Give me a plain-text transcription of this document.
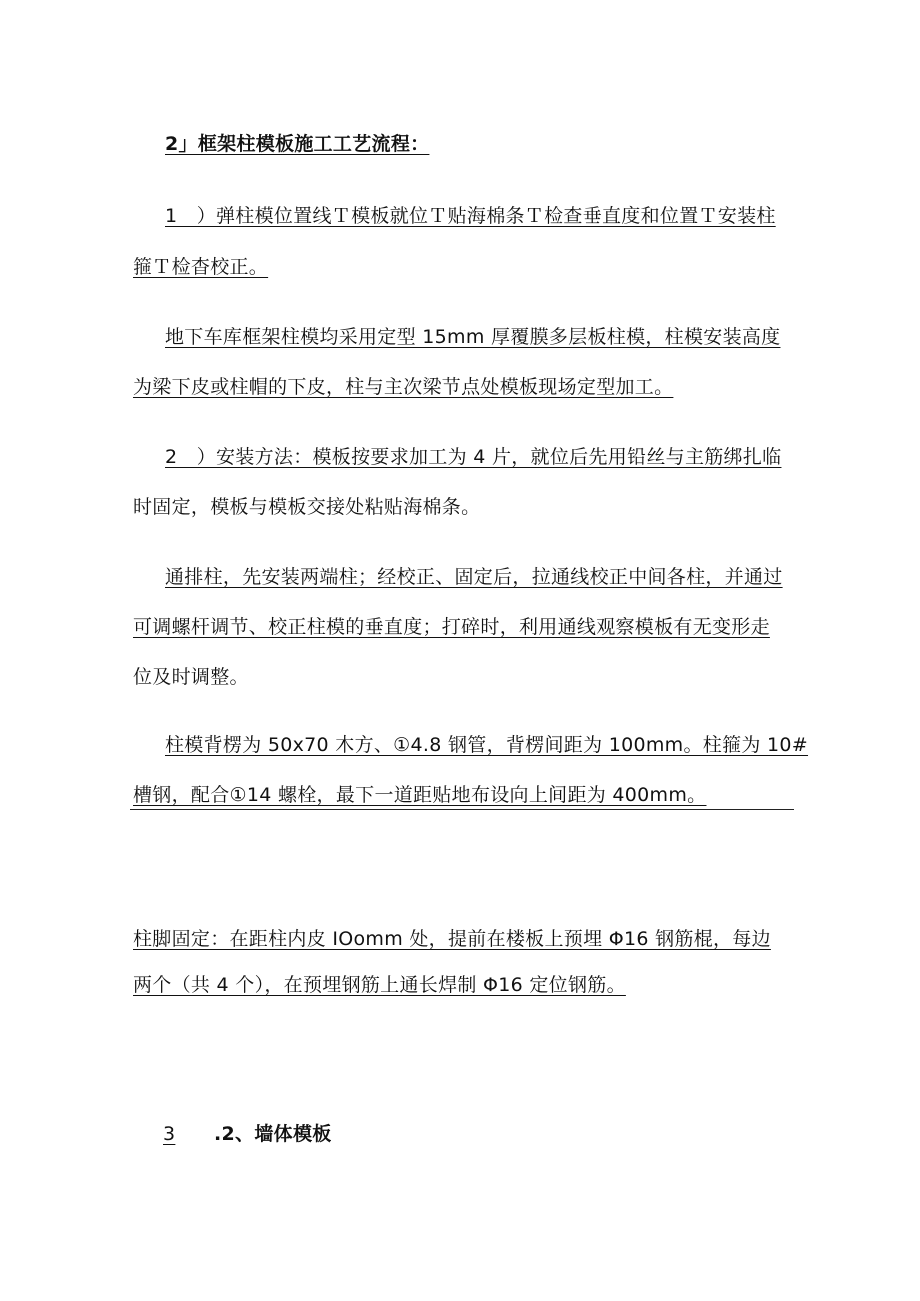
2」框架柱模板施工工艺流程：
1　）弹柱模位置线Ｔ模板就位Ｔ贴海棉条Ｔ检查垂直度和位置Ｔ安装柱
箍Ｔ检杳校正。
地下车库框架柱模均采用定型 15mm 厚覆膜多层板柱模，柱模安装高度
为梁下皮或柱帽的下皮，柱与主次梁节点处模板现场定型加工。
2　）安装方法：模板按要求加工为 4 片，就位后先用铅丝与主筋绑扎临
时固定，模板与模板交接处粘贴海棉条。
通排柱，先安装两端柱；经校正、固定后，拉通线校正中间各柱，并通过
可调螺杆调节、校正柱模的垂直度；打碎时，利用通线观察模板有无变形走
位及时调整。
柱模背楞为 50x70 木方、①4.8 钢管，背楞间距为 100mm。柱箍为 10#
槽钢，配合①14 螺栓，最下一道距贴地布设向上间距为 400mm。
柱脚固定：在距柱内皮 IOomm 处，提前在楼板上预埋 Φ16 钢筋棍，每边
两个（共 4 个），在预埋钢筋上通长焊制 Φ16 定位钢筋。
3 .2、墙体模板
